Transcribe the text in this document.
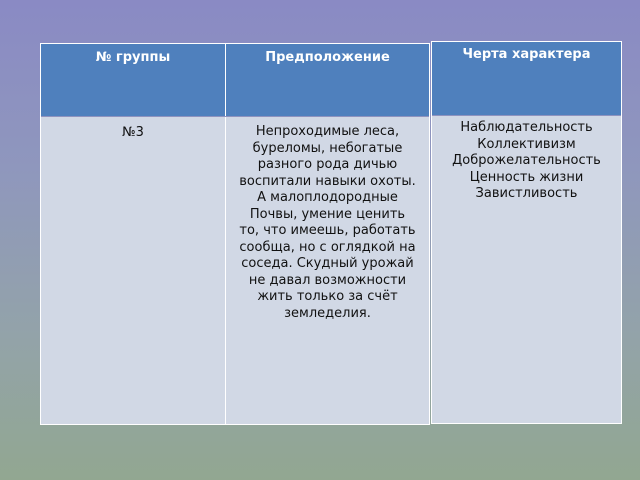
№ группы	Предположение
№3	Непроходимые леса,
буреломы, небогатые
разного рода дичью
воспитали навыки охоты.
А малоплодородные
Почвы, умение ценить
то, что имеешь, работать
сообща, но с оглядкой на
соседа. Скудный урожай
не давал возможности
жить только за счёт
земледелия.
Черта характера
Наблюдательность
Коллективизм
Доброжелательность
Ценность жизни
Завистливость
